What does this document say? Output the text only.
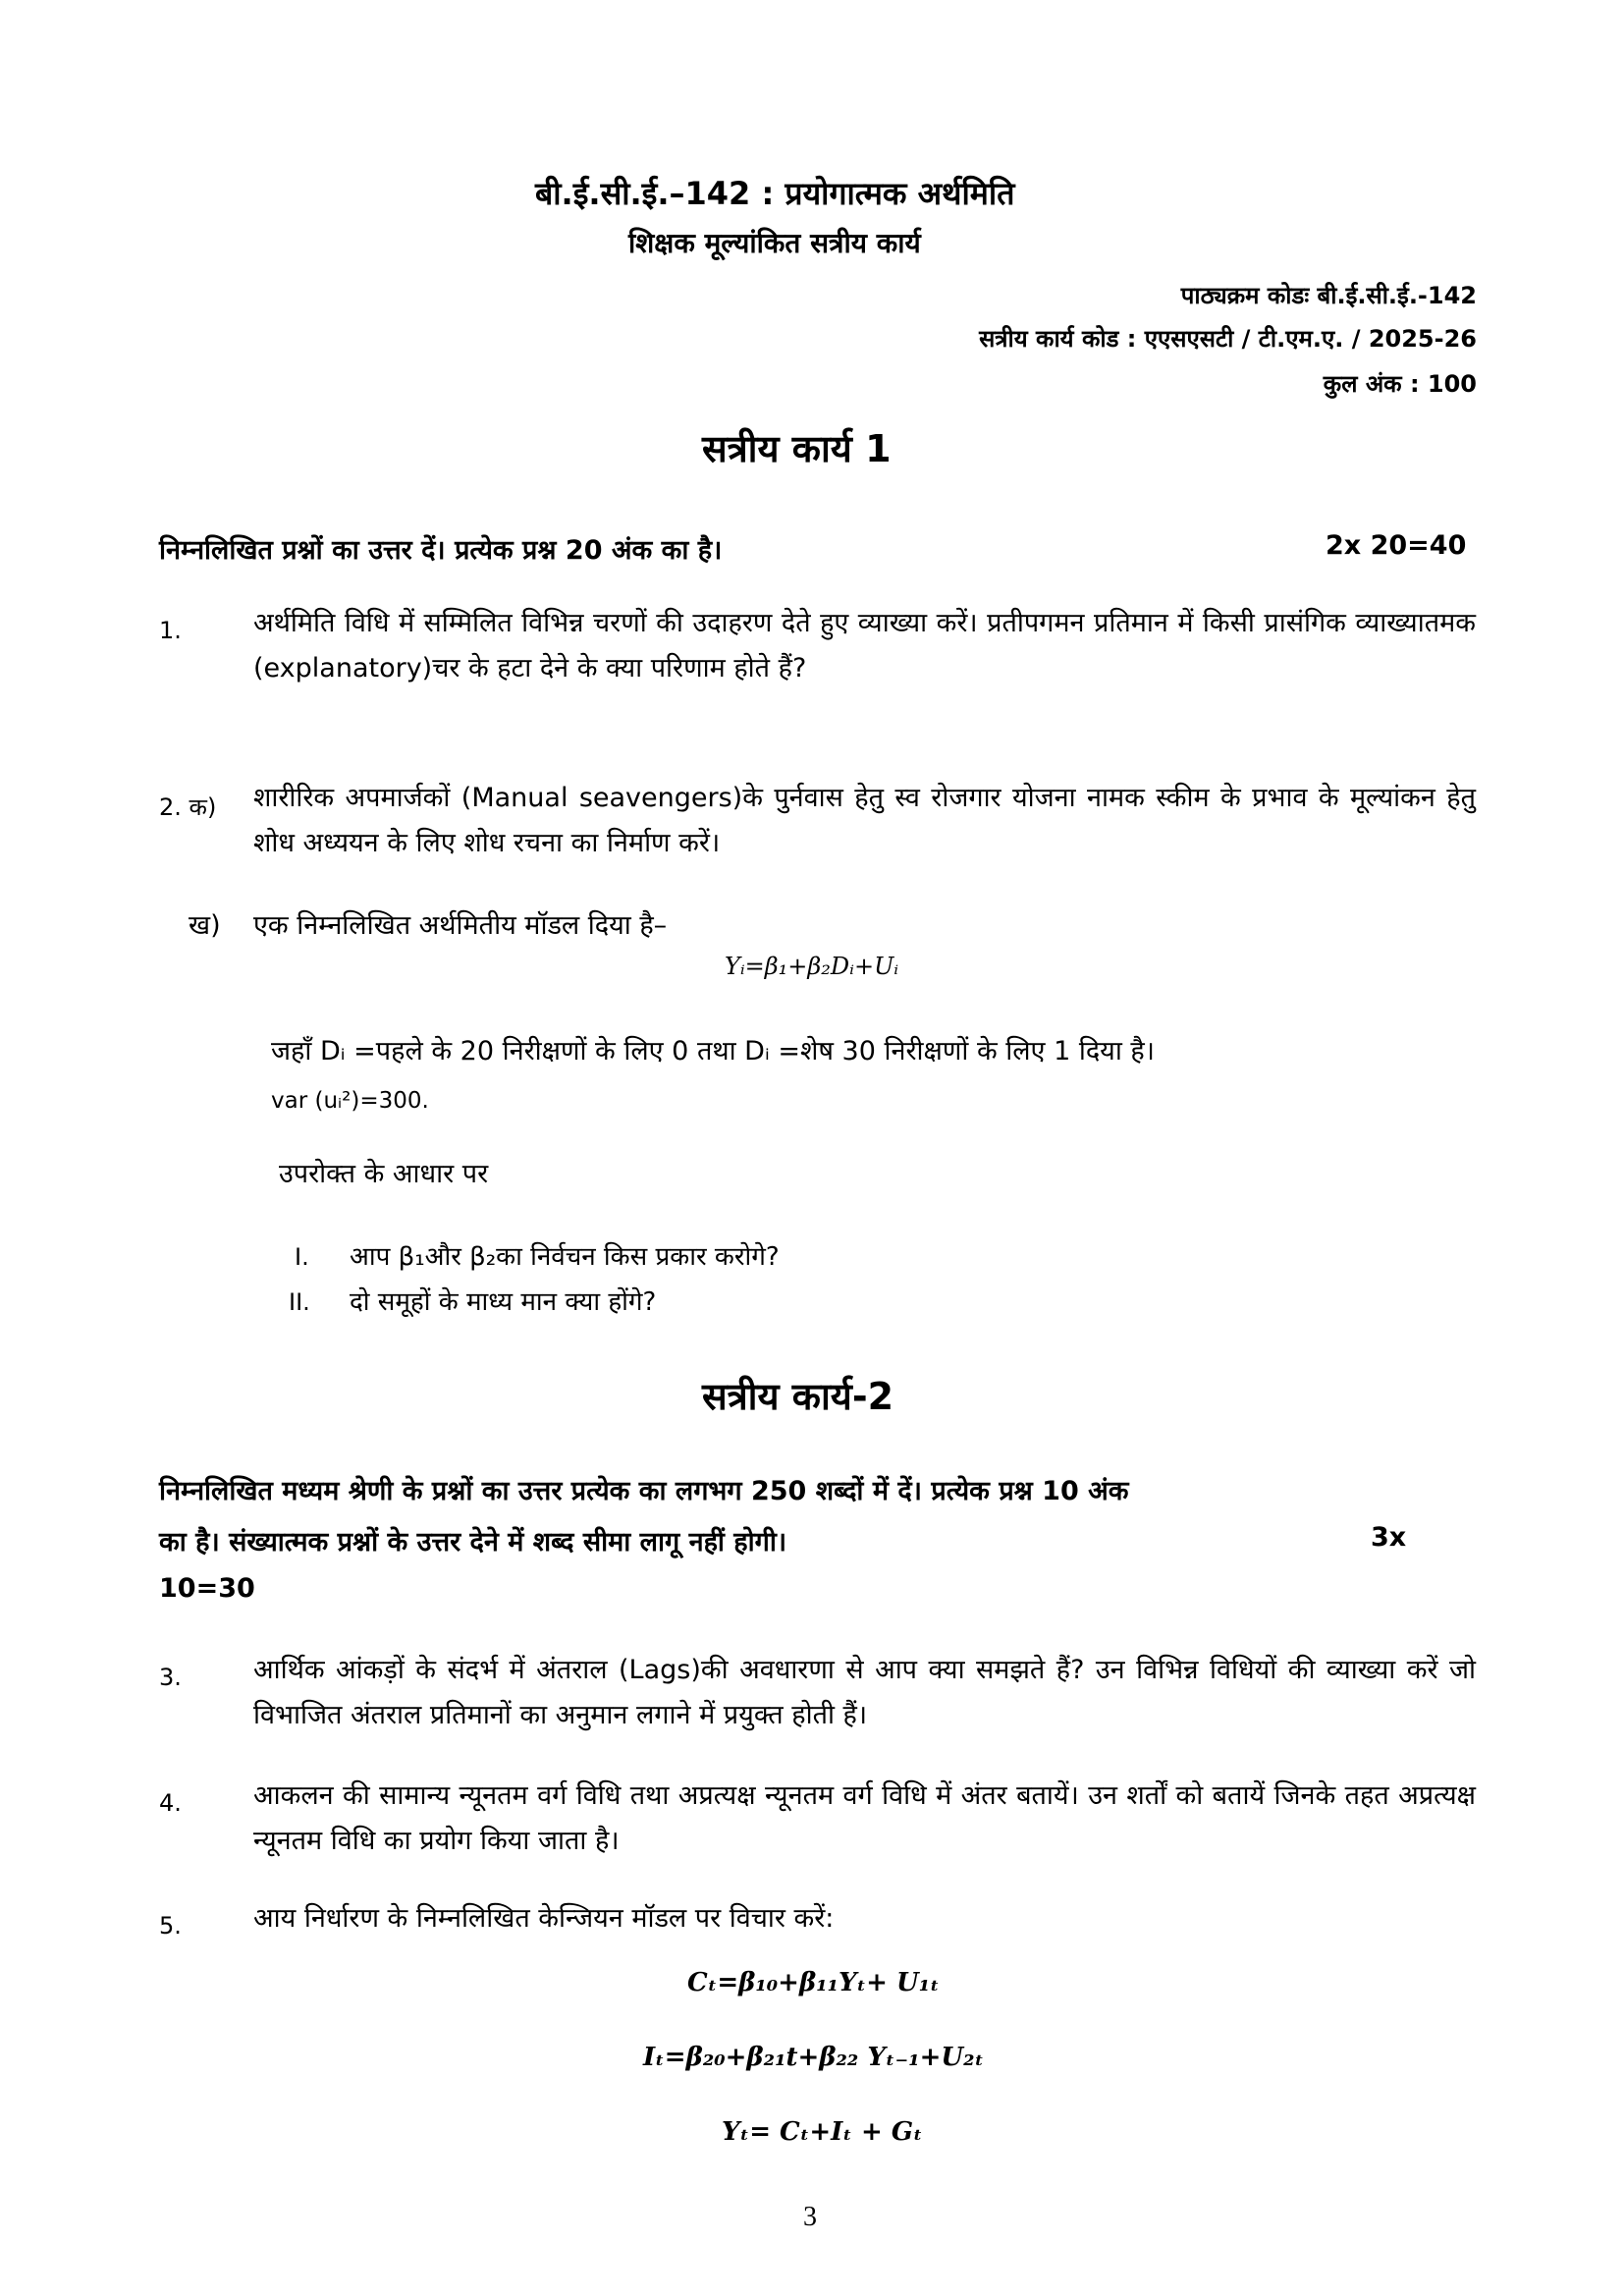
बी.ई.सी.ई.–142 : प्रयोगात्मक अर्थमिति
शिक्षक मूल्यांकित सत्रीय कार्य
पाठ्यक्रम कोडः बी.ई.सी.ई.-142
सत्रीय कार्य कोड : एएसएसटी / टी.एम.ए. / 2025-26
कुल अंक : 100
सत्रीय कार्य 1
निम्नलिखित प्रश्नों का उत्तर दें। प्रत्येक प्रश्न 20 अंक का है।	2x 20=40
1.	अर्थमिति विधि में सम्मिलित विभिन्न चरणों की उदाहरण देते हुए व्याख्या करें। प्रतीपगमन प्रतिमान में किसी प्रासंगिक व्याख्यातमक (explanatory)चर के हटा देने के क्या परिणाम होते हैं?
2. क) शारीरिक अपमार्जकों (Manual seavengers)के पुर्नवास हेतु स्व रोजगार योजना नामक स्कीम के प्रभाव के मूल्यांकन हेतु शोध अध्ययन के लिए शोध रचना का निर्माण करें।
ख) एक निम्नलिखित अर्थमितीय मॉडल दिया है–
Yᵢ=β₁+β₂Dᵢ+Uᵢ
जहाँ Dᵢ =पहले के 20 निरीक्षणों के लिए 0 तथा Dᵢ =शेष 30 निरीक्षणों के लिए 1 दिया है।
var (uᵢ²)=300.
उपरोक्त के आधार पर
I. आप β₁और β₂का निर्वचन किस प्रकार करोगे?
II. दो समूहों के माध्य मान क्या होंगे?
सत्रीय कार्य-2
निम्नलिखित मध्यम श्रेणी के प्रश्नों का उत्तर प्रत्येक का लगभग 250 शब्दों में दें। प्रत्येक प्रश्न 10 अंक
का है। संख्यात्मक प्रश्नों के उत्तर देने में शब्द सीमा लागू नहीं होगी।	3x
10=30
3.	आर्थिक आंकड़ों के संदर्भ में अंतराल (Lags)की अवधारणा से आप क्या समझते हैं? उन विभिन्न विधियों की व्याख्या करें जो विभाजित अंतराल प्रतिमानों का अनुमान लगाने में प्रयुक्त होती हैं।
4.	आकलन की सामान्य न्यूनतम वर्ग विधि तथा अप्रत्यक्ष न्यूनतम वर्ग विधि में अंतर बतायें। उन शर्तों को बतायें जिनके तहत अप्रत्यक्ष न्यूनतम विधि का प्रयोग किया जाता है।
5.	आय निर्धारण के निम्नलिखित केन्जियन मॉडल पर विचार करें:
Cₜ=β₁₀+β₁₁Yₜ+ U₁ₜ
Iₜ=β₂₀+β₂₁t+β₂₂ Yₜ₋₁+U₂ₜ
Yₜ= Cₜ+Iₜ + Gₜ
3
